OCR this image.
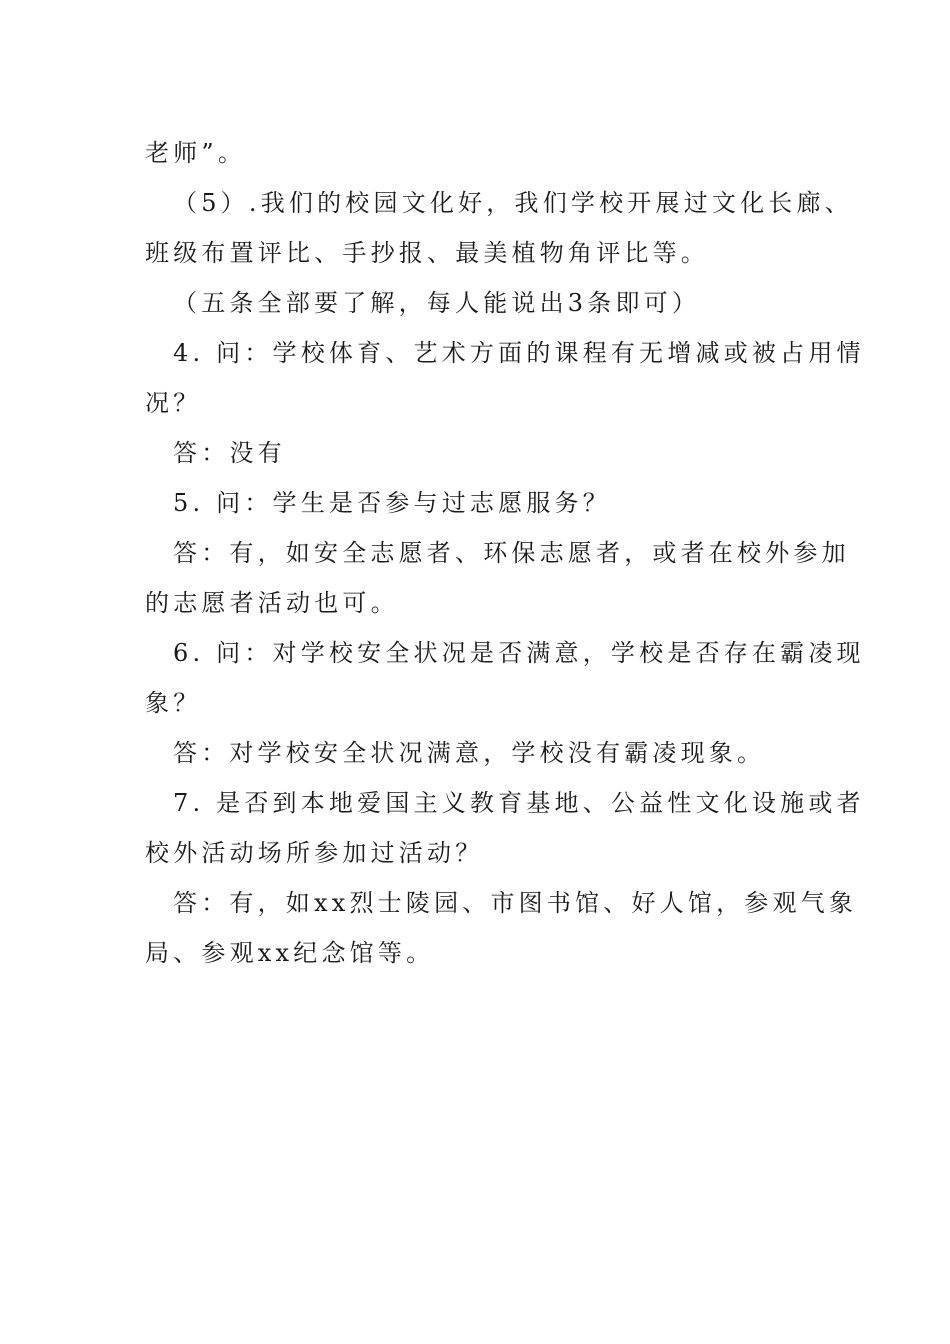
老师”。
（5）.我们的校园文化好，我们学校开展过文化长廊、
班级布置评比、手抄报、最美植物角评比等。
（五条全部要了解，每人能说出3条即可）
4. 问：学校体育、艺术方面的课程有无增减或被占用情
况？
答：没有
5. 问：学生是否参与过志愿服务？
答：有，如安全志愿者、环保志愿者，或者在校外参加
的志愿者活动也可。
6. 问：对学校安全状况是否满意，学校是否存在霸凌现
象？
答：对学校安全状况满意，学校没有霸凌现象。
7. 是否到本地爱国主义教育基地、公益性文化设施或者
校外活动场所参加过活动？
答：有，如xx烈士陵园、市图书馆、好人馆，参观气象
局、参观xx纪念馆等。
